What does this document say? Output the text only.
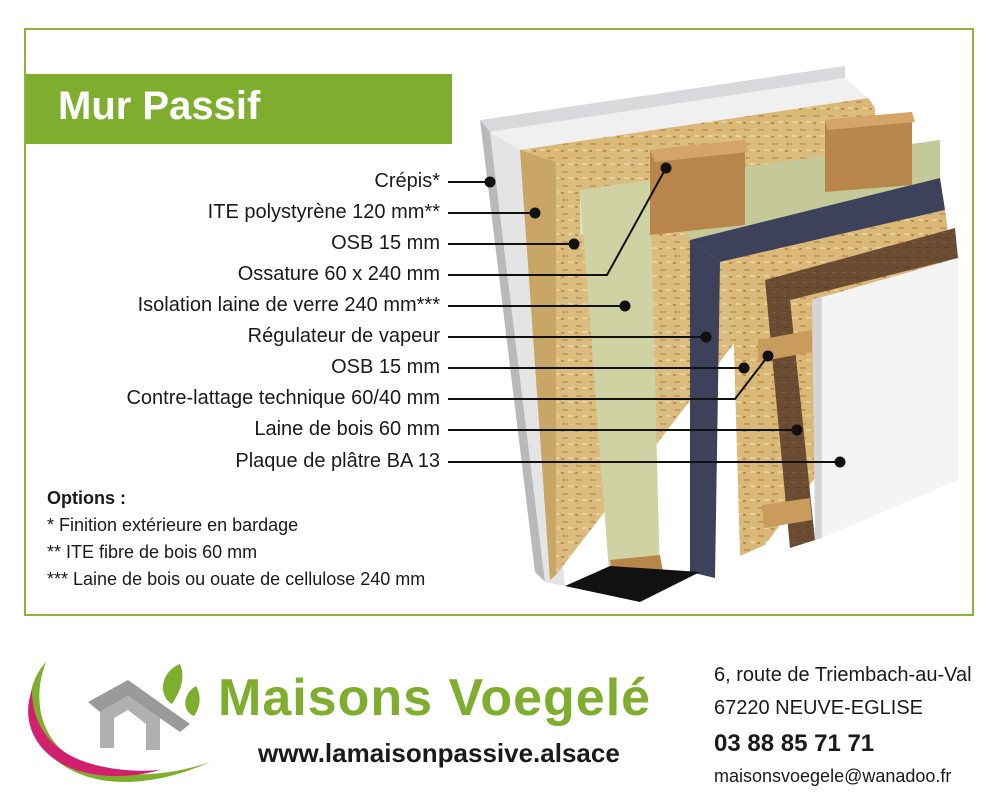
Mur Passif
Crépis*
ITE polystyrène 120 mm**
OSB 15 mm
Ossature 60 x 240 mm
Isolation laine de verre 240 mm***
Régulateur de vapeur
OSB 15 mm
Contre-lattage technique 60/40 mm
Laine de bois 60 mm
Plaque de plâtre BA 13
Options :
* Finition extérieure en bardage
** ITE fibre de bois 60 mm
*** Laine de bois ou ouate de cellulose 240 mm
Maisons Voegelé
www.lamaisonpassive.alsace
6, route de Triembach-au-Val
67220 NEUVE-EGLISE
03 88 85 71 71
maisonsvoegele@wanadoo.fr
